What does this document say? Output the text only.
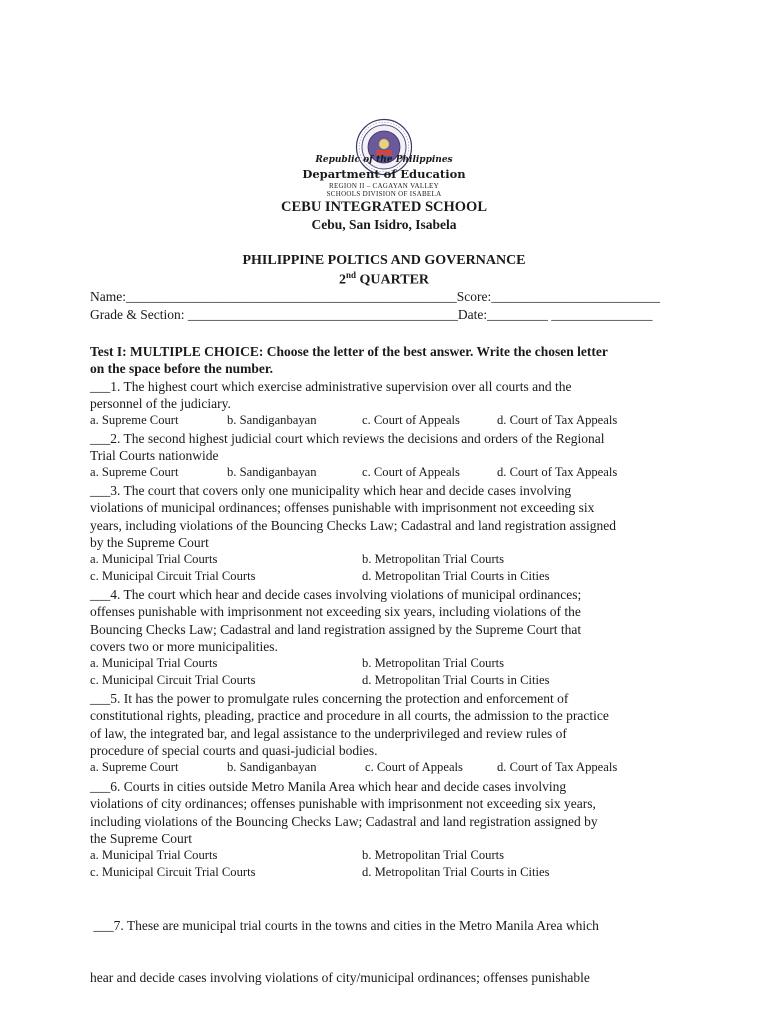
Republic of the Philippines
Department of Education
REGION II – CAGAYAN VALLEY
SCHOOLS DIVISION OF ISABELA
CEBU INTEGRATED SCHOOL
Cebu, San Isidro, Isabela
PHILIPPINE POLTICS AND GOVERNANCE
2nd QUARTER
Name:_________________________________________________Score:_________________________
Grade & Section: ________________________________________Date:_________ _______________
Test I: MULTIPLE CHOICE: Choose the letter of the best answer. Write the chosen letter
on the space before the number.
___1. The highest court which exercise administrative supervision over all courts and the
personnel of the judiciary.
a. Supreme Court	b. Sandiganbayan	c. Court of Appeals	d. Court of Tax Appeals
___2. The second highest judicial court which reviews the decisions and orders of the Regional
Trial Courts nationwide
a. Supreme Court	b. Sandiganbayan	c. Court of Appeals	d. Court of Tax Appeals
___3. The court that covers only one municipality which hear and decide cases involving
violations of municipal ordinances; offenses punishable with imprisonment not exceeding six
years, including violations of the Bouncing Checks Law; Cadastral and land registration assigned
by the Supreme Court
a. Municipal Trial Courts	b. Metropolitan Trial Courts
c. Municipal Circuit Trial Courts	d. Metropolitan Trial Courts in Cities
___4. The court which hear and decide cases involving violations of municipal ordinances;
offenses punishable with imprisonment not exceeding six years, including violations of the
Bouncing Checks Law; Cadastral and land registration assigned by the Supreme Court that
covers two or more municipalities.
a. Municipal Trial Courts	b. Metropolitan Trial Courts
c. Municipal Circuit Trial Courts	d. Metropolitan Trial Courts in Cities
___5. It has the power to promulgate rules concerning the protection and enforcement of
constitutional rights, pleading, practice and procedure in all courts, the admission to the practice
of law, the integrated bar, and legal assistance to the underprivileged and review rules of
procedure of special courts and quasi-judicial bodies.
a. Supreme Court	b. Sandiganbayan	c. Court of Appeals	d. Court of Tax Appeals
___6. Courts in cities outside Metro Manila Area which hear and decide cases involving
violations of city ordinances; offenses punishable with imprisonment not exceeding six years,
including violations of the Bouncing Checks Law; Cadastral and land registration assigned by
the Supreme Court
a. Municipal Trial Courts	b. Metropolitan Trial Courts
c. Municipal Circuit Trial Courts	d. Metropolitan Trial Courts in Cities

___7. These are municipal trial courts in the towns and cities in the Metro Manila Area which

hear and decide cases involving violations of city/municipal ordinances; offenses punishable
